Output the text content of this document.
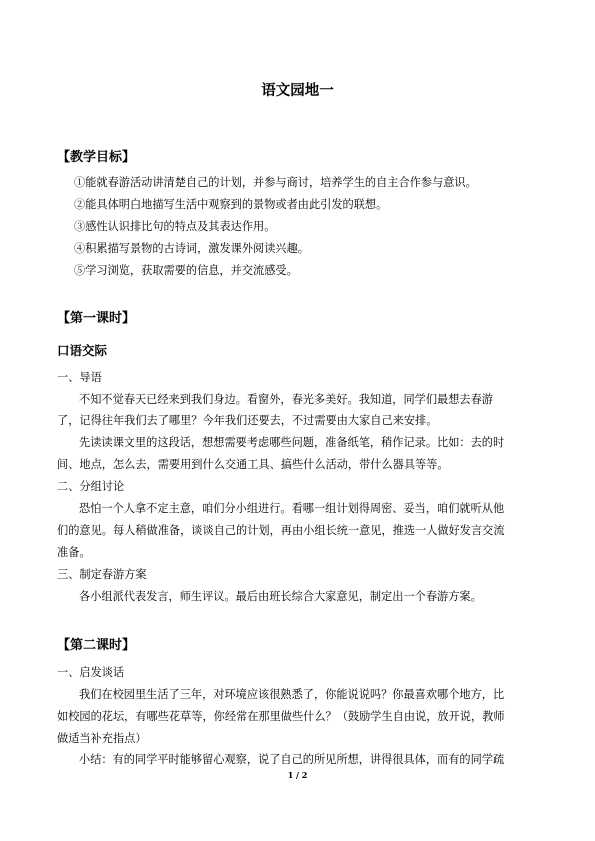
语文园地一
【教学目标】
①能就春游活动讲清楚自己的计划，并参与商讨，培养学生的自主合作参与意识。
②能具体明白地描写生活中观察到的景物或者由此引发的联想。
③感性认识排比句的特点及其表达作用。
④积累描写景物的古诗词，激发课外阅读兴趣。
⑤学习浏览，获取需要的信息，并交流感受。
【第一课时】
口语交际
一、导语
不知不觉春天已经来到我们身边。看窗外，春光多美好。我知道，同学们最想去春游
了，记得往年我们去了哪里？今年我们还要去，不过需要由大家自己来安排。
先读读课文里的这段话，想想需要考虑哪些问题，准备纸笔，稍作记录。比如：去的时
间、地点，怎么去，需要用到什么交通工具、搞些什么活动，带什么器具等等。
二、分组讨论
恐怕一个人拿不定主意，咱们分小组进行。看哪一组计划得周密、妥当，咱们就听从他
们的意见。每人稍做准备，谈谈自己的计划，再由小组长统一意见，推选一人做好发言交流
准备。
三、制定春游方案
各小组派代表发言，师生评议。最后由班长综合大家意见，制定出一个春游方案。
【第二课时】
一、启发谈话
我们在校园里生活了三年，对环境应该很熟悉了，你能说说吗？你最喜欢哪个地方，比
如校园的花坛，有哪些花草等，你经常在那里做些什么？（鼓励学生自由说，放开说，教师
做适当补充指点）
小结：有的同学平时能够留心观察，说了自己的所见所想，讲得很具体，而有的同学疏
1 / 2
